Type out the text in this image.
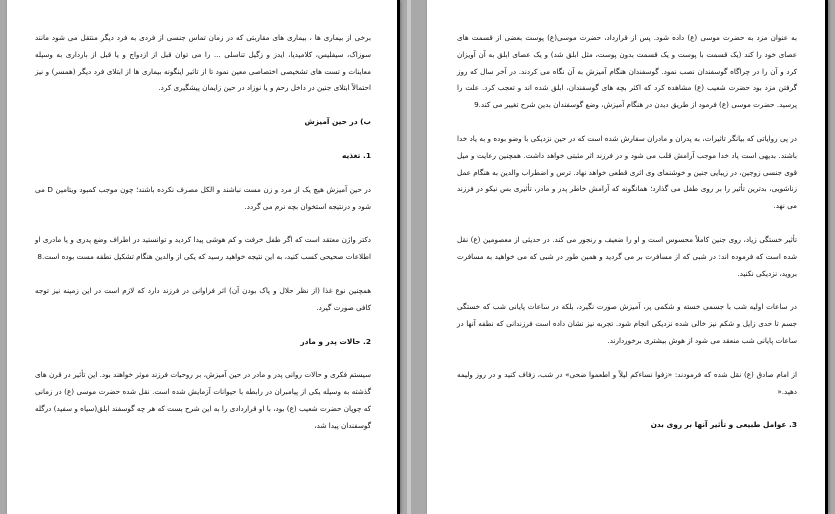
برخی از بیماری ها ، بیماری های مقاربتی که در زمان تماس جنسی از فردی به فرد دیگر منتقل می شود مانند سوزاک، سیفلیس، کلامیدیا، ایدز و زگیل تناسلی ... را می توان قبل از ازدواج و یا قبل از بارداری به وسیله معاینات و تست های تشخیصی اختصاصی معین نمود تا از تاثیر اینگونه بیماری ها از ابتلای فرد دیگر (همسر) و نیز احتمالاً ابتلای جنین در داخل رحم و یا نوزاد در حین زایمان پیشگیری کرد.

ب) در حین آمیزش
1. تغذیه

در حین آمیزش هیچ یک از مرد و زن مست نباشند و الکل مصرف نکرده باشند؛ چون موجب کمبود ویتامین D می شود و درنتیجه استخوان بچه نرم می گردد.

دکتر واژن معتقد است که اگر طفل خرفت و کم هوشی پیدا کردید و توانستید در اطراف وضع پدری و یا مادری او اطلاعات صحیحی کسب کنید، به این نتیجه خواهید رسید که یکی از والدین هنگام تشکیل نطفه مست بوده است.8

همچنین نوع غذا (از نظر حلال و پاک بودن آن) اثر فراوانی در فرزند دارد که لازم است در این زمینه نیز توجه کافی صورت گیرد.

2. حالات پدر و مادر

سیستم فکری و حالات روانی پدر و مادر در حین آمیزش، بر روحیات فرزند موثر خواهند بود. این تأثیر در قرن های گذشته به وسیله یکی از پیامبران در رابطه با حیوانات آزمایش شده است. نقل شده حضرت موسی (ع) در زمانی که چوپان حضرت شعیب (ع) بود، با او قراردادی را به این شرح بست که هر چه گوسفند ابلق(سیاه و سفید) درگله گوسفندان پیدا شد،

به عنوان مزد به حضرت موسی (ع) داده شود. پس از قرارداد، حضرت موسی(ع) پوست بعضی از قسمت های عصای خود را کند (یک قسمت با پوست و یک قسمت بدون پوست، مثل ابلق شد) و یک عصای ابلق به آن آویزان کرد و آن را در چراگاه گوسفندان نصب نمود. گوسفندان هنگام آمیزش به آن نگاه می کردند. در آخر سال که روز گرفتن مزد بود حضرت شعیب (ع) مشاهده کرد که اکثر بچه های گوسفندان، ابلق شده اند و تعجب کرد. علت را پرسید. حضرت موسی (ع) فرمود از طریق دیدن در هنگام آمیزش، وضع گوسفندان بدین شرح تغییر می کند.9

در پی روایاتی که بیانگر تاثیرات، به پدران و مادران سفارش شده است که در حین نزدیکی با وضو بوده و به یاد خدا باشند. بدیهی است یاد خدا موجب آرامش قلب می شود و در فرزند اثر مثبتی خواهد داشت. همچنین رعایت و میل قوی جنسی زوجین، در زیبایی جنین و خوشنمای وی اثری قطعی خواهد نهاد. ترس و اضطراب والدین به هنگام عمل زناشویی، بدترین تأثیر را بر روی طفل می گذارد؛ همانگونه که آرامش خاطر پدر و مادر، تأثیری بس نیکو در فرزند می نهد.

تأثیر خستگی زیاد، روی جنین کاملاً محسوس است و او را ضعیف و رنجور می کند. در حدیثی از معصومین (ع) نقل شده است که فرموده اند: در شبی که از مسافرت بر می گردید و همین طور در شبی که می خواهید به مسافرت بروید، نزدیکی نکنید.

در ساعات اولیه شب با جسمی خسته و شکمی پر، آمیزش صورت نگیرد، بلکه در ساعات پایانی شب که خستگی جسم تا حدی زایل و شکم نیز خالی شده نزدیکی انجام شود. تجربه نیز نشان داده است فرزندانی که نطفه آنها در ساعات پایانی شب منعقد می شود از هوش بیشتری برخوردارند.

از امام صادق (ع) نقل شده که فرمودند: «زفوا نساءکم لیلاً و اطعموا ضحی» در شب، زفاف کنید و در روز ولیمه دهید.«

3. عوامل طبیعی و تأثیر آنها بر روی بدن
